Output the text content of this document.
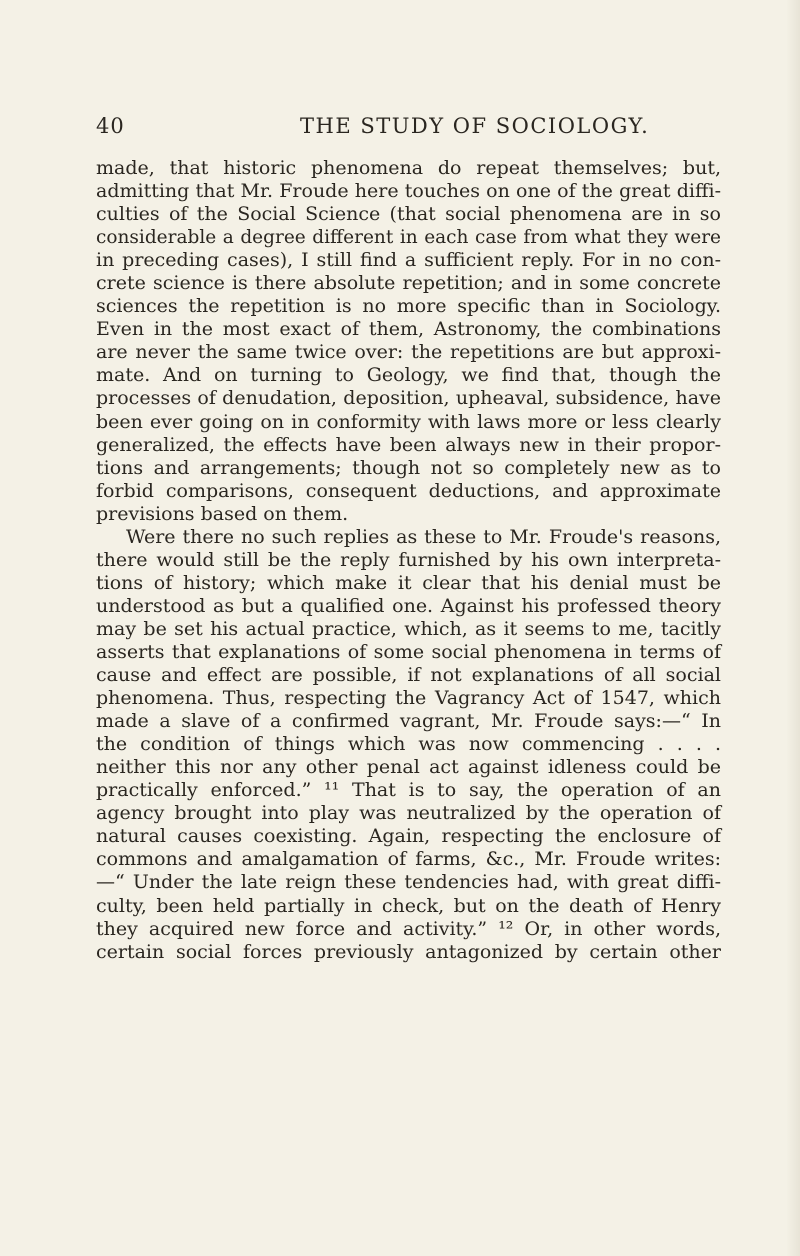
40	THE STUDY OF SOCIOLOGY.
made, that historic phenomena do repeat themselves; but,
admitting that Mr. Froude here touches on one of the great diffi-
culties of the Social Science (that social phenomena are in so
considerable a degree different in each case from what they were
in preceding cases), I still find a sufficient reply. For in no con-
crete science is there absolute repetition; and in some concrete
sciences the repetition is no more specific than in Sociology.
Even in the most exact of them, Astronomy, the combinations
are never the same twice over: the repetitions are but approxi-
mate. And on turning to Geology, we find that, though the
processes of denudation, deposition, upheaval, subsidence, have
been ever going on in conformity with laws more or less clearly
generalized, the effects have been always new in their propor-
tions and arrangements; though not so completely new as to
forbid comparisons, consequent deductions, and approximate
previsions based on them.
Were there no such replies as these to Mr. Froude's reasons,
there would still be the reply furnished by his own interpreta-
tions of history; which make it clear that his denial must be
understood as but a qualified one. Against his professed theory
may be set his actual practice, which, as it seems to me, tacitly
asserts that explanations of some social phenomena in terms of
cause and effect are possible, if not explanations of all social
phenomena. Thus, respecting the Vagrancy Act of 1547, which
made a slave of a confirmed vagrant, Mr. Froude says:—“ In
the condition of things which was now commencing . . . .
neither this nor any other penal act against idleness could be
practically enforced.” ¹¹ That is to say, the operation of an
agency brought into play was neutralized by the operation of
natural causes coexisting. Again, respecting the enclosure of
commons and amalgamation of farms, &c., Mr. Froude writes:
—“ Under the late reign these tendencies had, with great diffi-
culty, been held partially in check, but on the death of Henry
they acquired new force and activity.” ¹² Or, in other words,
certain social forces previously antagonized by certain other
